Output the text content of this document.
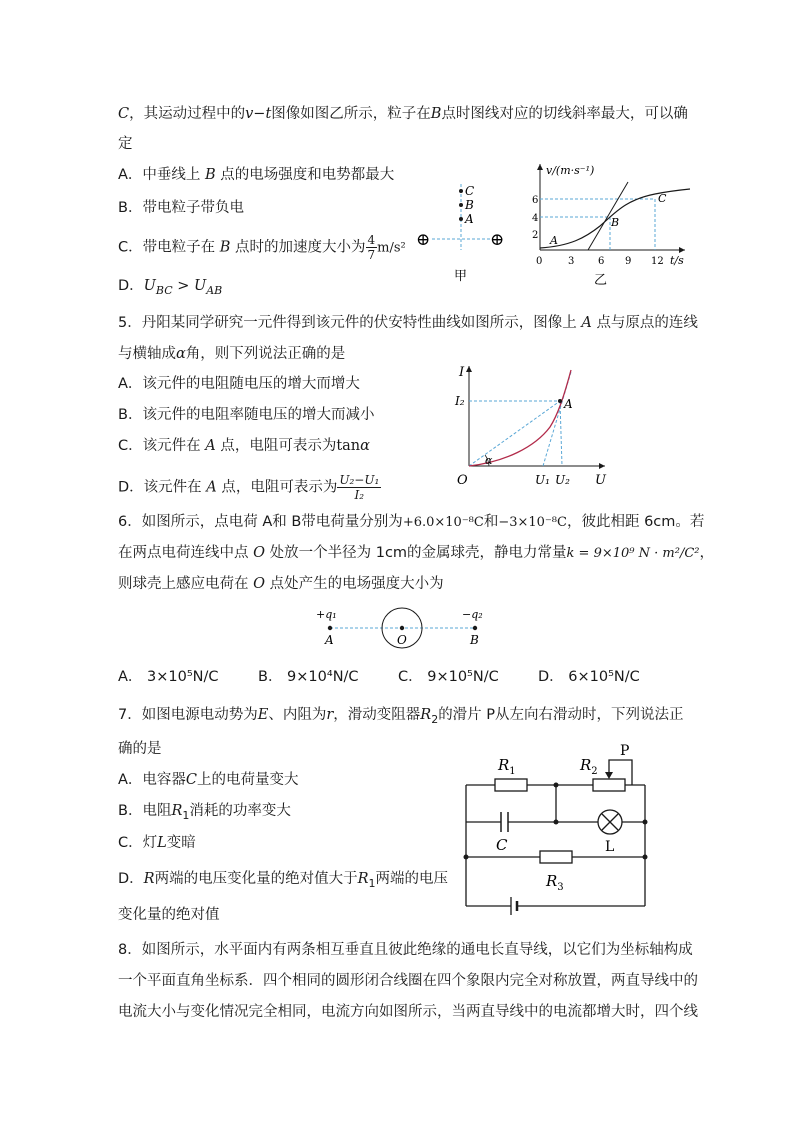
C，其运动过程中的v−t图像如图乙所示，粒子在B点时图线对应的切线斜率最大，可以确
定
A．中垂线上 B 点的电场强度和电势都最大
B．带电粒子带负电
C．带电粒子在 B 点时的加速度大小为 $\frac{4}{7} m/s^2$
D．$U_{BC} > U_{AB}$
C
B
A
⊕	⊕
甲
v/(m·s⁻¹)
t/s
6
4
2
0	3 6 9 12
A
B
C
乙
5．丹阳某同学研究一元件得到该元件的伏安特性曲线如图所示，图像上 A 点与原点的连线
与横轴成α角，则下列说法正确的是
A．该元件的电阻随电压的增大而增大
B．该元件的电阻率随电压的增大而减小
C．该元件在 A 点，电阻可表示为tanα
D．该元件在 A 点，电阻可表示为 $\frac{\text{U₂−U₁}}{\text{I₂}}$
I
U
O
I₂	A
α
U₁ U₂
6．如图所示，点电荷 A和 B带电荷量分别为+6.0×10⁻⁸C和−3×10⁻⁸C，彼此相距 6cm。若
在两点电荷连线中点 O 处放一个半径为 1cm的金属球壳，静电力常量k = 9×10⁹ N · m²/C²，
则球壳上感应电荷在 O 点处产生的电场强度大小为
+q₁	−q₂
A	O	B
A． 3×10⁵N/C	B． 9×10⁴N/C	C． 9×10⁵N/C	D． 6×10⁵N/C
7．如图电源电动势为E、内阻为r，滑动变阻器$R_2$的滑片 P从左向右滑动时，下列说法正
确的是
A．电容器C上的电荷量变大
B．电阻$R_1$消耗的功率变大
C．灯L变暗
D．R两端的电压变化量的绝对值大于$R_1$两端的电压
变化量的绝对值
P
$R_1$	$R_2$
C	L
$R_3$
8．如图所示，水平面内有两条相互垂直且彼此绝缘的通电长直导线，以它们为坐标轴构成
一个平面直角坐标系．四个相同的圆形闭合线圈在四个象限内完全对称放置，两直导线中的
电流大小与变化情况完全相同，电流方向如图所示，当两直导线中的电流都增大时，四个线
